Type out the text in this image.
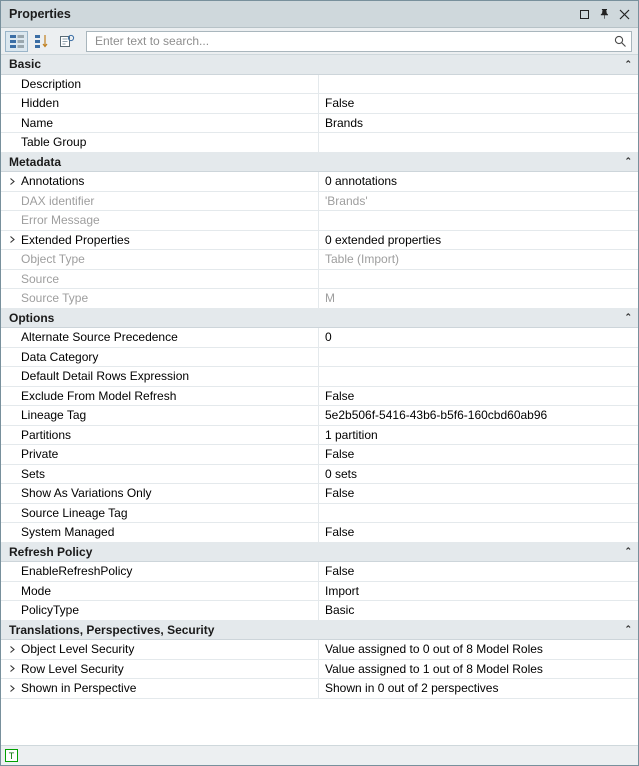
Properties
Enter text to search...
Basic	⌃
Description
Hidden	False
Name	Brands
Table Group
Metadata	⌃
Annotations	0 annotations
DAX identifier	'Brands'
Error Message
Extended Properties	0 extended properties
Object Type	Table (Import)
Source
Source Type	M
Options	⌃
Alternate Source Precedence	0
Data Category
Default Detail Rows Expression
Exclude From Model Refresh	False
Lineage Tag	5e2b506f-5416-43b6-b5f6-160cbd60ab96
Partitions	1 partition
Private	False
Sets	0 sets
Show As Variations Only	False
Source Lineage Tag
System Managed	False
Refresh Policy	⌃
EnableRefreshPolicy	False
Mode	Import
PolicyType	Basic
Translations, Perspectives, Security	⌃
Object Level Security	Value assigned to 0 out of 8 Model Roles
Row Level Security	Value assigned to 1 out of 8 Model Roles
Shown in Perspective	Shown in 0 out of 2 perspectives
T
